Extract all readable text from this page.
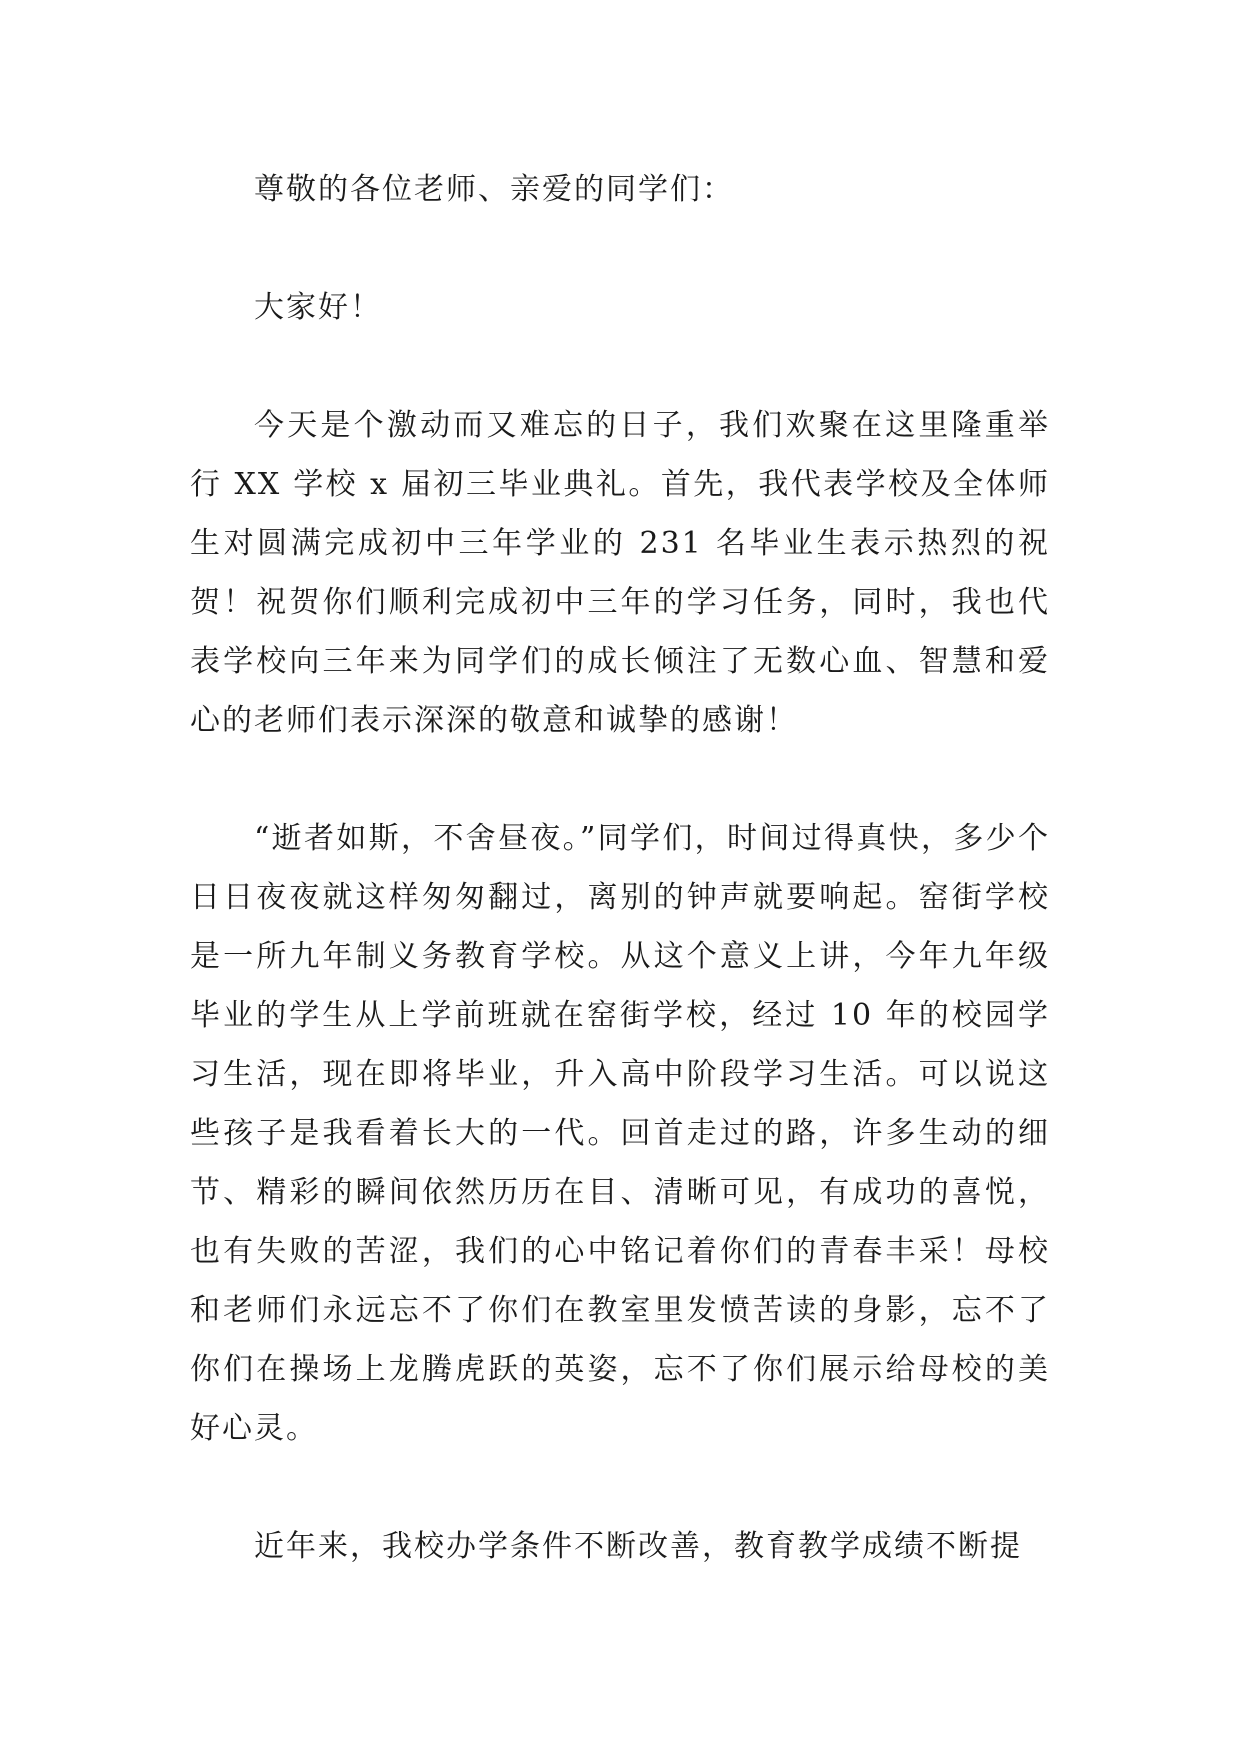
尊敬的各位老师、亲爱的同学们：

大家好！

今天是个激动而又难忘的日子，我们欢聚在这里隆重举行 XX 学校 x 届初三毕业典礼。首先，我代表学校及全体师生对圆满完成初中三年学业的 231 名毕业生表示热烈的祝贺！祝贺你们顺利完成初中三年的学习任务，同时，我也代表学校向三年来为同学们的成长倾注了无数心血、智慧和爱心的老师们表示深深的敬意和诚挚的感谢！

“逝者如斯，不舍昼夜。”同学们，时间过得真快，多少个日日夜夜就这样匆匆翻过，离别的钟声就要响起。窑街学校是一所九年制义务教育学校。从这个意义上讲，今年九年级毕业的学生从上学前班就在窑街学校，经过 10 年的校园学习生活，现在即将毕业，升入高中阶段学习生活。可以说这些孩子是我看着长大的一代。回首走过的路，许多生动的细节、精彩的瞬间依然历历在目、清晰可见，有成功的喜悦，也有失败的苦涩，我们的心中铭记着你们的青春丰采！母校和老师们永远忘不了你们在教室里发愤苦读的身影，忘不了你们在操场上龙腾虎跃的英姿，忘不了你们展示给母校的美好心灵。

近年来，我校办学条件不断改善，教育教学成绩不断提
